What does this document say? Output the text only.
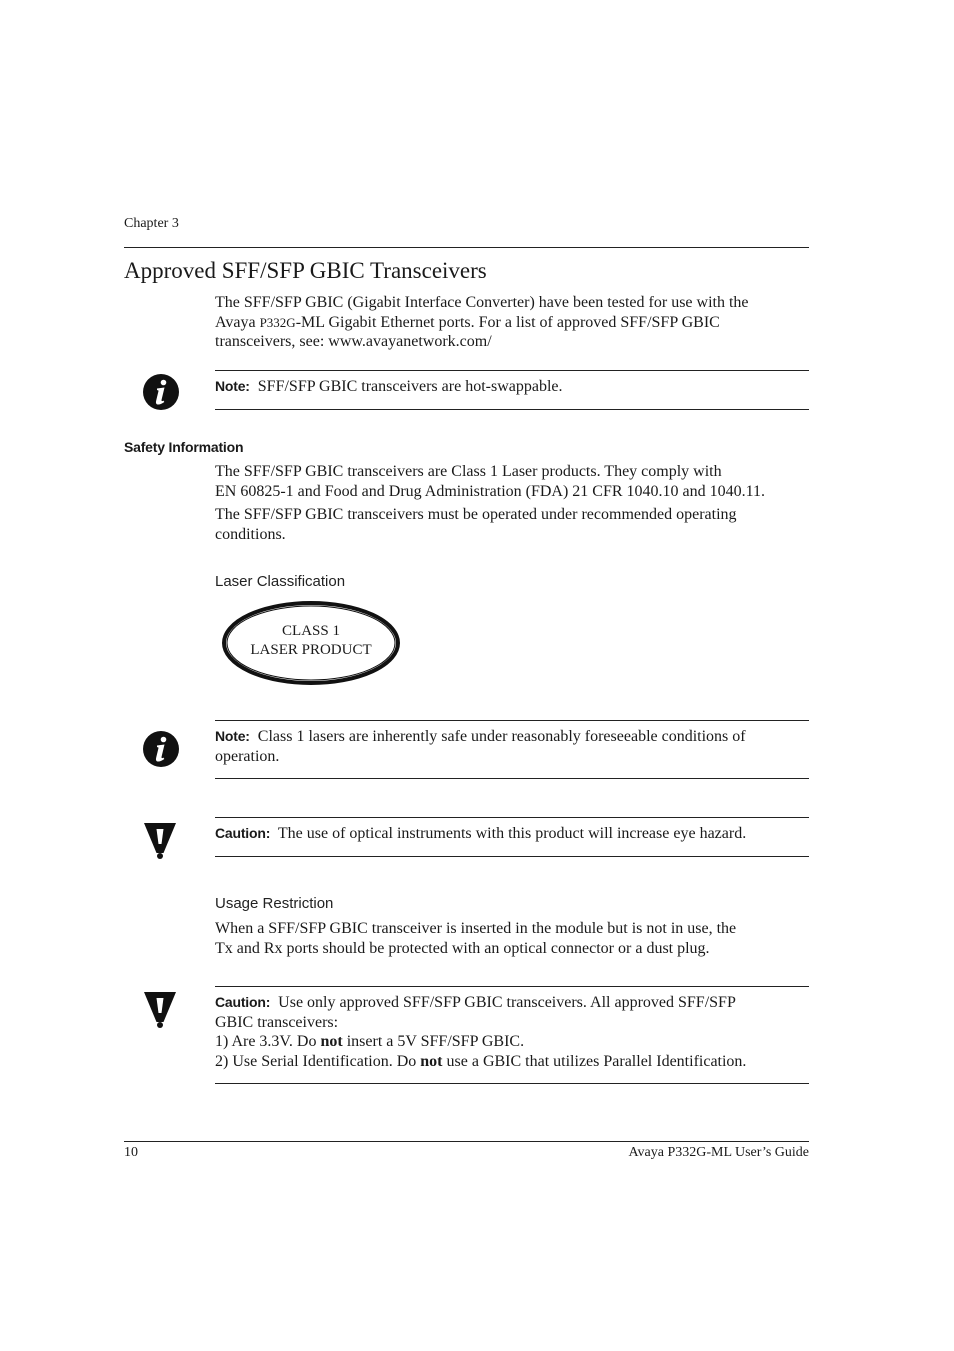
Chapter 3
Approved SFF/SFP GBIC Transceivers
The SFF/SFP GBIC (Gigabit Interface Converter) have been tested for use with the
Avaya P332G-ML Gigabit Ethernet ports. For a list of approved SFF/SFP GBIC
transceivers, see: www.avayanetwork.com/
Note: SFF/SFP GBIC transceivers are hot-swappable.
Safety Information
The SFF/SFP GBIC transceivers are Class 1 Laser products. They comply with
EN 60825-1 and Food and Drug Administration (FDA) 21 CFR 1040.10 and 1040.11.
The SFF/SFP GBIC transceivers must be operated under recommended operating
conditions.
Laser Classification
CLASS 1
LASER PRODUCT
Note: Class 1 lasers are inherently safe under reasonably foreseeable conditions of
operation.
Caution: The use of optical instruments with this product will increase eye hazard.
Usage Restriction
When a SFF/SFP GBIC transceiver is inserted in the module but is not in use, the
Tx and Rx ports should be protected with an optical connector or a dust plug.
Caution: Use only approved SFF/SFP GBIC transceivers. All approved SFF/SFP
GBIC transceivers:
1) Are 3.3V. Do not insert a 5V SFF/SFP GBIC.
2) Use Serial Identification. Do not use a GBIC that utilizes Parallel Identification.
10	Avaya P332G-ML User’s Guide
